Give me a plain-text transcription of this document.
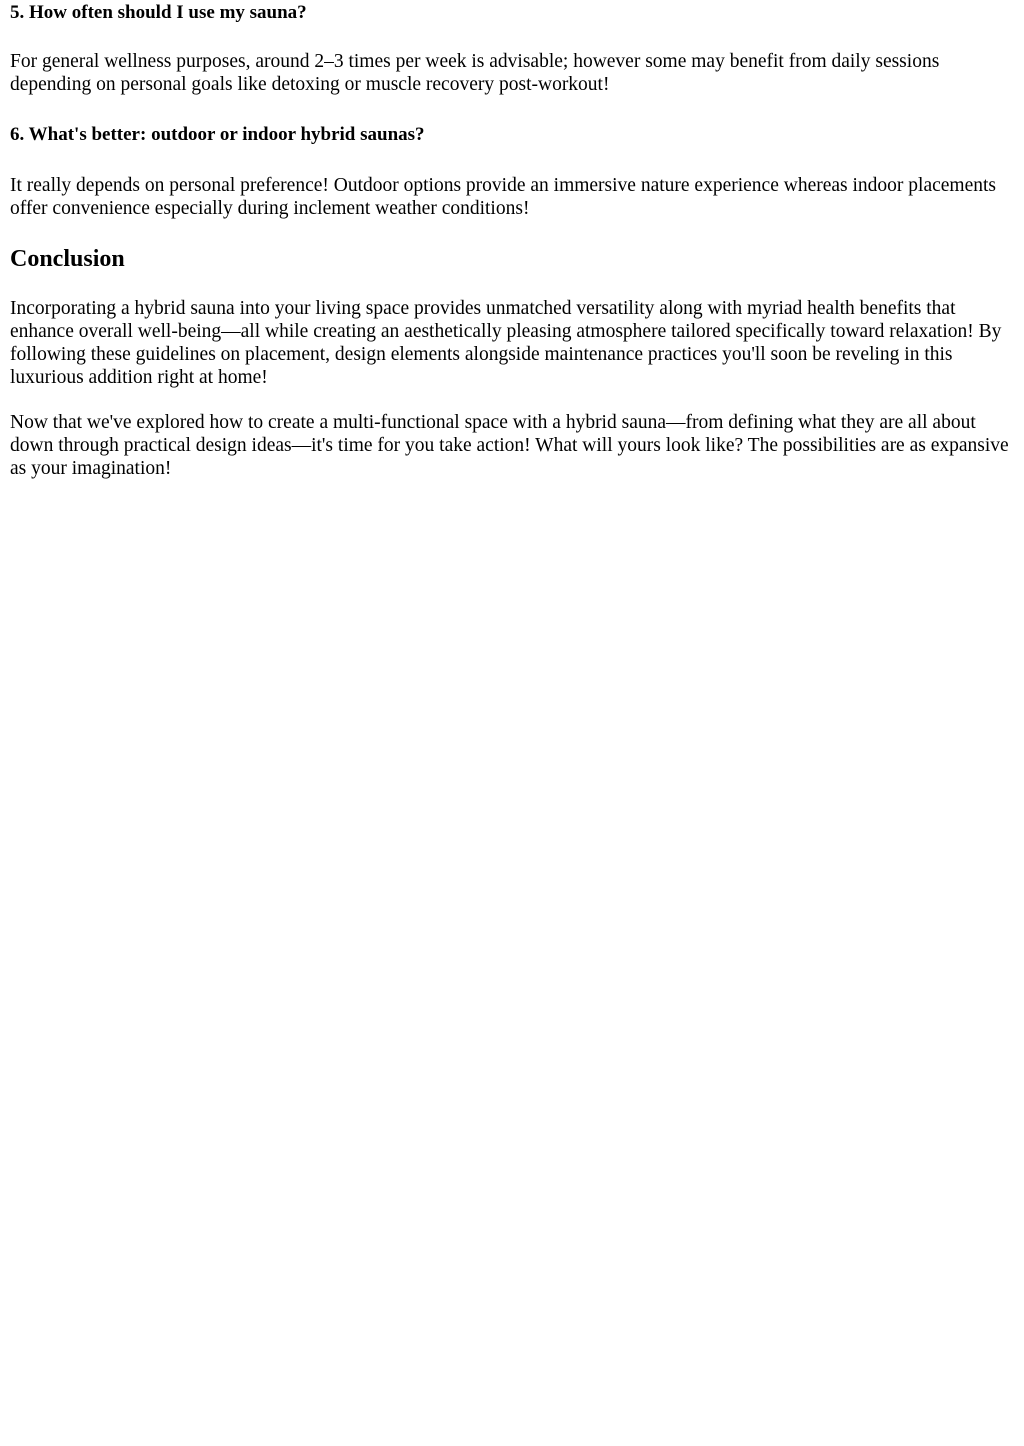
5. How often should I use my sauna?

For general wellness purposes, around 2–3 times per week is advisable; however some may benefit from daily sessions depending on personal goals like detoxing or muscle recovery post-workout!

6. What's better: outdoor or indoor hybrid saunas?

It really depends on personal preference! Outdoor options provide an immersive nature experience whereas indoor placements offer convenience especially during inclement weather conditions!

Conclusion

Incorporating a hybrid sauna into your living space provides unmatched versatility along with myriad health benefits that enhance overall well-being—all while creating an aesthetically pleasing atmosphere tailored specifically toward relaxation! By following these guidelines on placement, design elements alongside maintenance practices you'll soon be reveling in this luxurious addition right at home!

Now that we've explored how to create a multi-functional space with a hybrid sauna—from defining what they are all about down through practical design ideas—it's time for you take action! What will yours look like? The possibilities are as expansive as your imagination!
